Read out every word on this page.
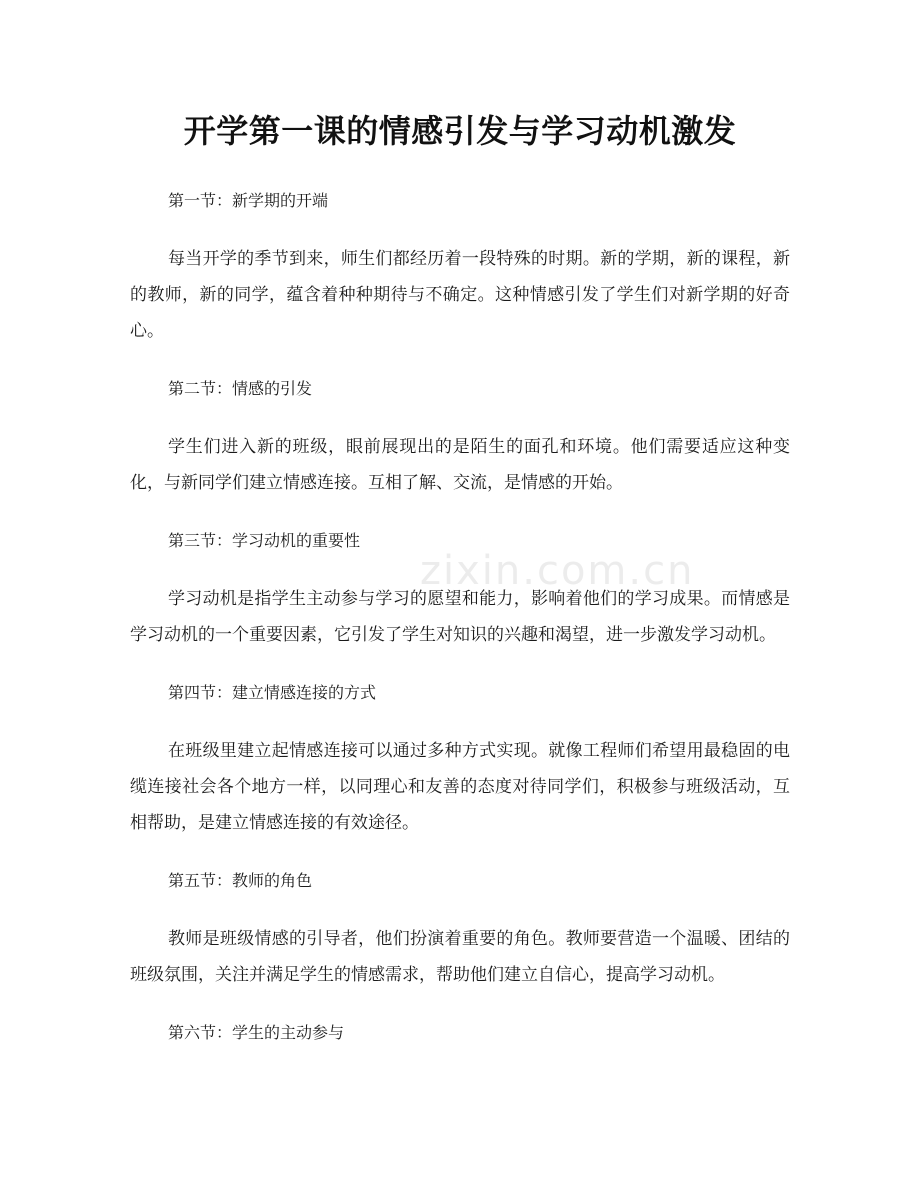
开学第一课的情感引发与学习动机激发
zixin.com.cn

第一节：新学期的开端

每当开学的季节到来，师生们都经历着一段特殊的时期。新的学期，新的课程，新的教师，新的同学，蕴含着种种期待与不确定。这种情感引发了学生们对新学期的好奇心。

第二节：情感的引发

学生们进入新的班级，眼前展现出的是陌生的面孔和环境。他们需要适应这种变化，与新同学们建立情感连接。互相了解、交流，是情感的开始。

第三节：学习动机的重要性

学习动机是指学生主动参与学习的愿望和能力，影响着他们的学习成果。而情感是学习动机的一个重要因素，它引发了学生对知识的兴趣和渴望，进一步激发学习动机。

第四节：建立情感连接的方式

在班级里建立起情感连接可以通过多种方式实现。就像工程师们希望用最稳固的电缆连接社会各个地方一样，以同理心和友善的态度对待同学们，积极参与班级活动，互相帮助，是建立情感连接的有效途径。

第五节：教师的角色

教师是班级情感的引导者，他们扮演着重要的角色。教师要营造一个温暖、团结的班级氛围，关注并满足学生的情感需求，帮助他们建立自信心，提高学习动机。

第六节：学生的主动参与
